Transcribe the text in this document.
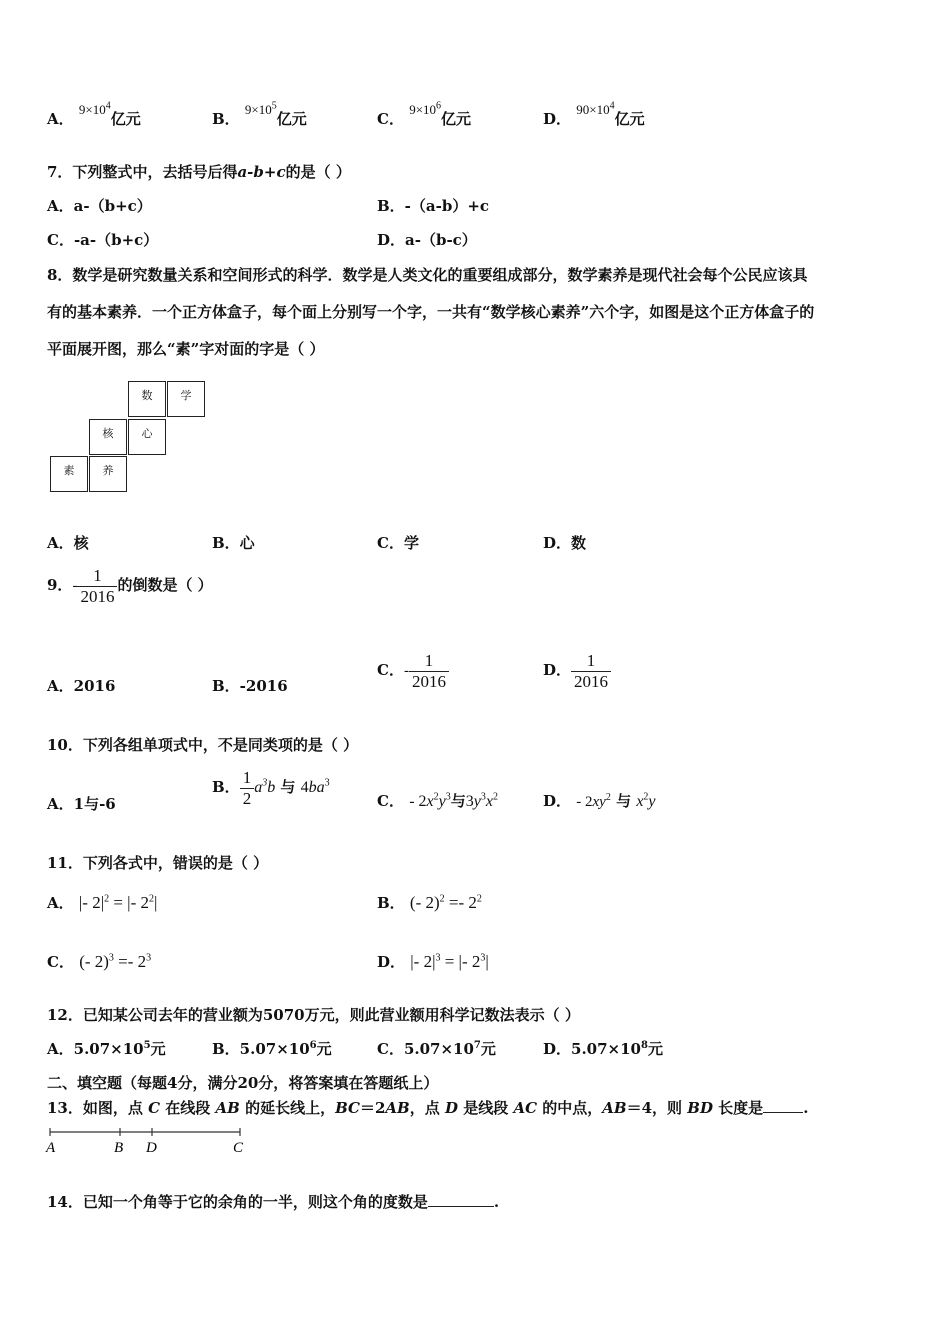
A． $9\times 10^4$亿元	B． $9\times 10^5$亿元	C． $9\times 10^6$亿元	D． $90\times 10^4$亿元
7．下列整式中，去括号后得a-b+c的是（ ）
A．a-（b+c）	B．-（a-b）+c
C．-a-（b+c）	D．a-（b-c）
8．数学是研究数量关系和空间形式的科学．数学是人类文化的重要组成部分，数学素养是现代社会每个公民应该具
有的基本素养．一个正方体盒子，每个面上分别写一个字，一共有“数学核心素养”六个字，如图是这个正方体盒子的
平面展开图，那么“素”字对面的字是（ ）
数	学
核	心
素	养
A．核	B．心	C．学	D．数
9．- $\frac{1}{2016}$ 的倒数是（ ）
A．2016	B．-2016
C．- $\frac{1}{2016}$	D． $\frac{1}{2016}$
10．下列各组单项式中，不是同类项的是（ ）
A．1与-6
B． $\frac{1}{2} a^3b$ 与 $4ba^3$
C． - $2x^2y^3$与$3y^3x^2$	D． - $2xy^2$ 与 $x^2y$
11．下列各式中，错误的是（ ）
A． |- $2|^2$ = |- $2^2|$	B． (- $2)^2 =- 2^2$
C． (- $2)^3 =- 2^3$	D． |- $2|^3$ = |- $2^3|$
12．已知某公司去年的营业额为5070万元，则此营业额用科学记数法表示（ ）
A．$5.07\times 10^5$元	B．$5.07\times 10^6$元	C．$5.07\times 10^7$元	D．$5.07\times 10^8$元
二、填空题（每题4分，满分20分，将答案填在答题纸上）
13．如图，点 C 在线段 AB 的延长线上，BC＝2AB，点 D 是线段 AC 的中点，AB＝4，则 BD 长度是	.
A	B D	C
14．已知一个角等于它的余角的一半，则这个角的度数是	.
